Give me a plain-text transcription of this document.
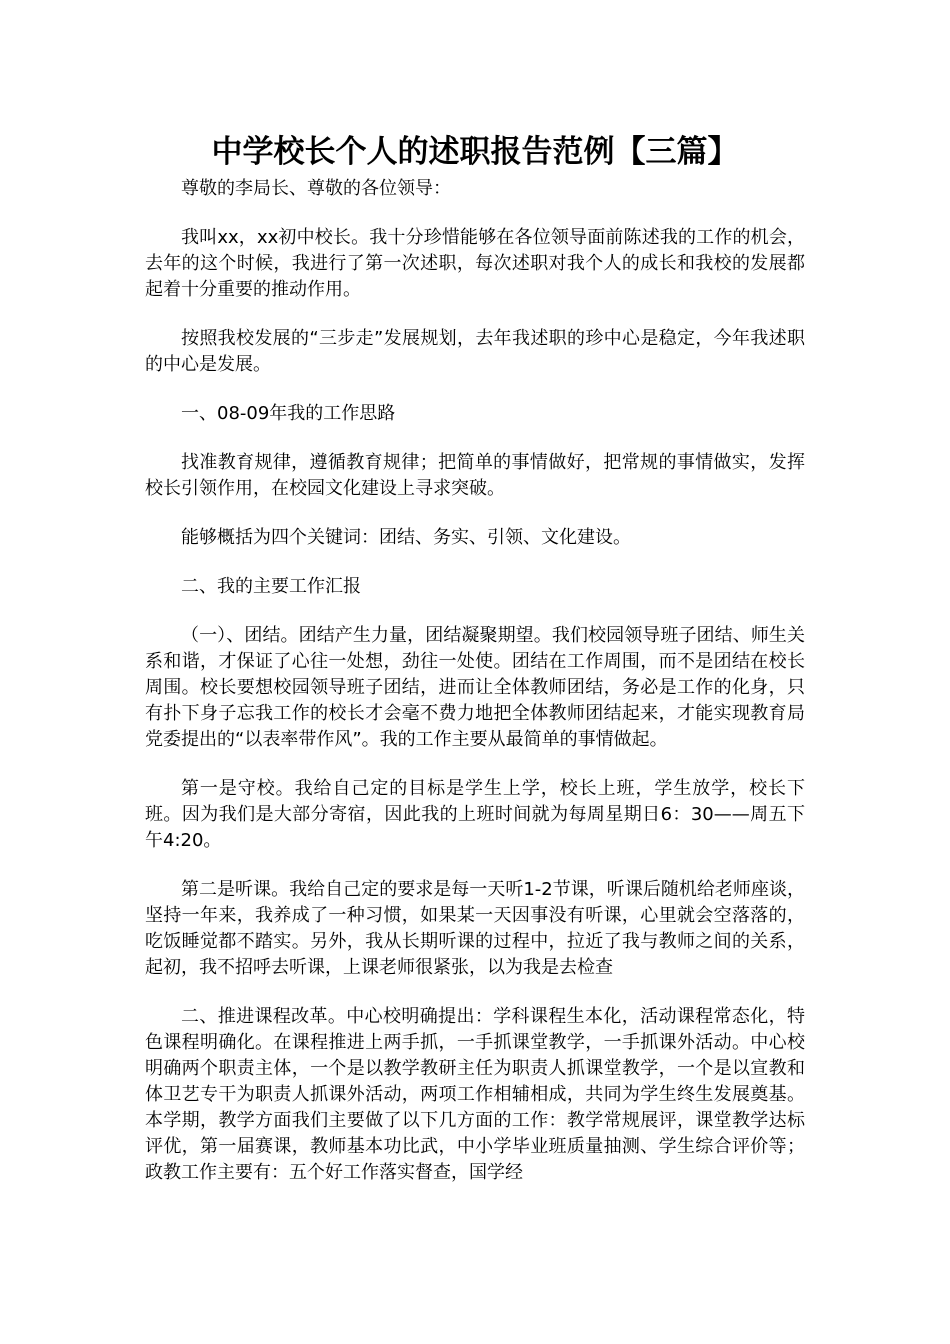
中学校长个人的述职报告范例【三篇】

尊敬的李局长、尊敬的各位领导：

我叫xx，xx初中校长。我十分珍惜能够在各位领导面前陈述我的工作的机会，去年的这个时候，我进行了第一次述职，每次述职对我个人的成长和我校的发展都起着十分重要的推动作用。

按照我校发展的“三步走”发展规划，去年我述职的珍中心是稳定，今年我述职的中心是发展。

一、08-09年我的工作思路

找准教育规律，遵循教育规律；把简单的事情做好，把常规的事情做实，发挥校长引领作用，在校园文化建设上寻求突破。

能够概括为四个关键词：团结、务实、引领、文化建设。

二、我的主要工作汇报

（一）、团结。团结产生力量，团结凝聚期望。我们校园领导班子团结、师生关系和谐，才保证了心往一处想，劲往一处使。团结在工作周围，而不是团结在校长周围。校长要想校园领导班子团结，进而让全体教师团结，务必是工作的化身，只有扑下身子忘我工作的校长才会毫不费力地把全体教师团结起来，才能实现教育局党委提出的“以表率带作风”。我的工作主要从最简单的事情做起。

第一是守校。我给自己定的目标是学生上学，校长上班，学生放学，校长下班。因为我们是大部分寄宿，因此我的上班时间就为每周星期日6：30——周五下午4:20。

第二是听课。我给自己定的要求是每一天听1-2节课，听课后随机给老师座谈，坚持一年来，我养成了一种习惯，如果某一天因事没有听课，心里就会空落落的，吃饭睡觉都不踏实。另外，我从长期听课的过程中，拉近了我与教师之间的关系，起初，我不招呼去听课，上课老师很紧张，以为我是去检查

二、推进课程改革。中心校明确提出：学科课程生本化，活动课程常态化，特色课程明确化。在课程推进上两手抓，一手抓课堂教学，一手抓课外活动。中心校明确两个职责主体，一个是以教学教研主任为职责人抓课堂教学，一个是以宣教和体卫艺专干为职责人抓课外活动，两项工作相辅相成，共同为学生终生发展奠基。本学期，教学方面我们主要做了以下几方面的工作：教学常规展评，课堂教学达标评优，第一届赛课，教师基本功比武，中小学毕业班质量抽测、学生综合评价等；政教工作主要有：五个好工作落实督查，国学经
